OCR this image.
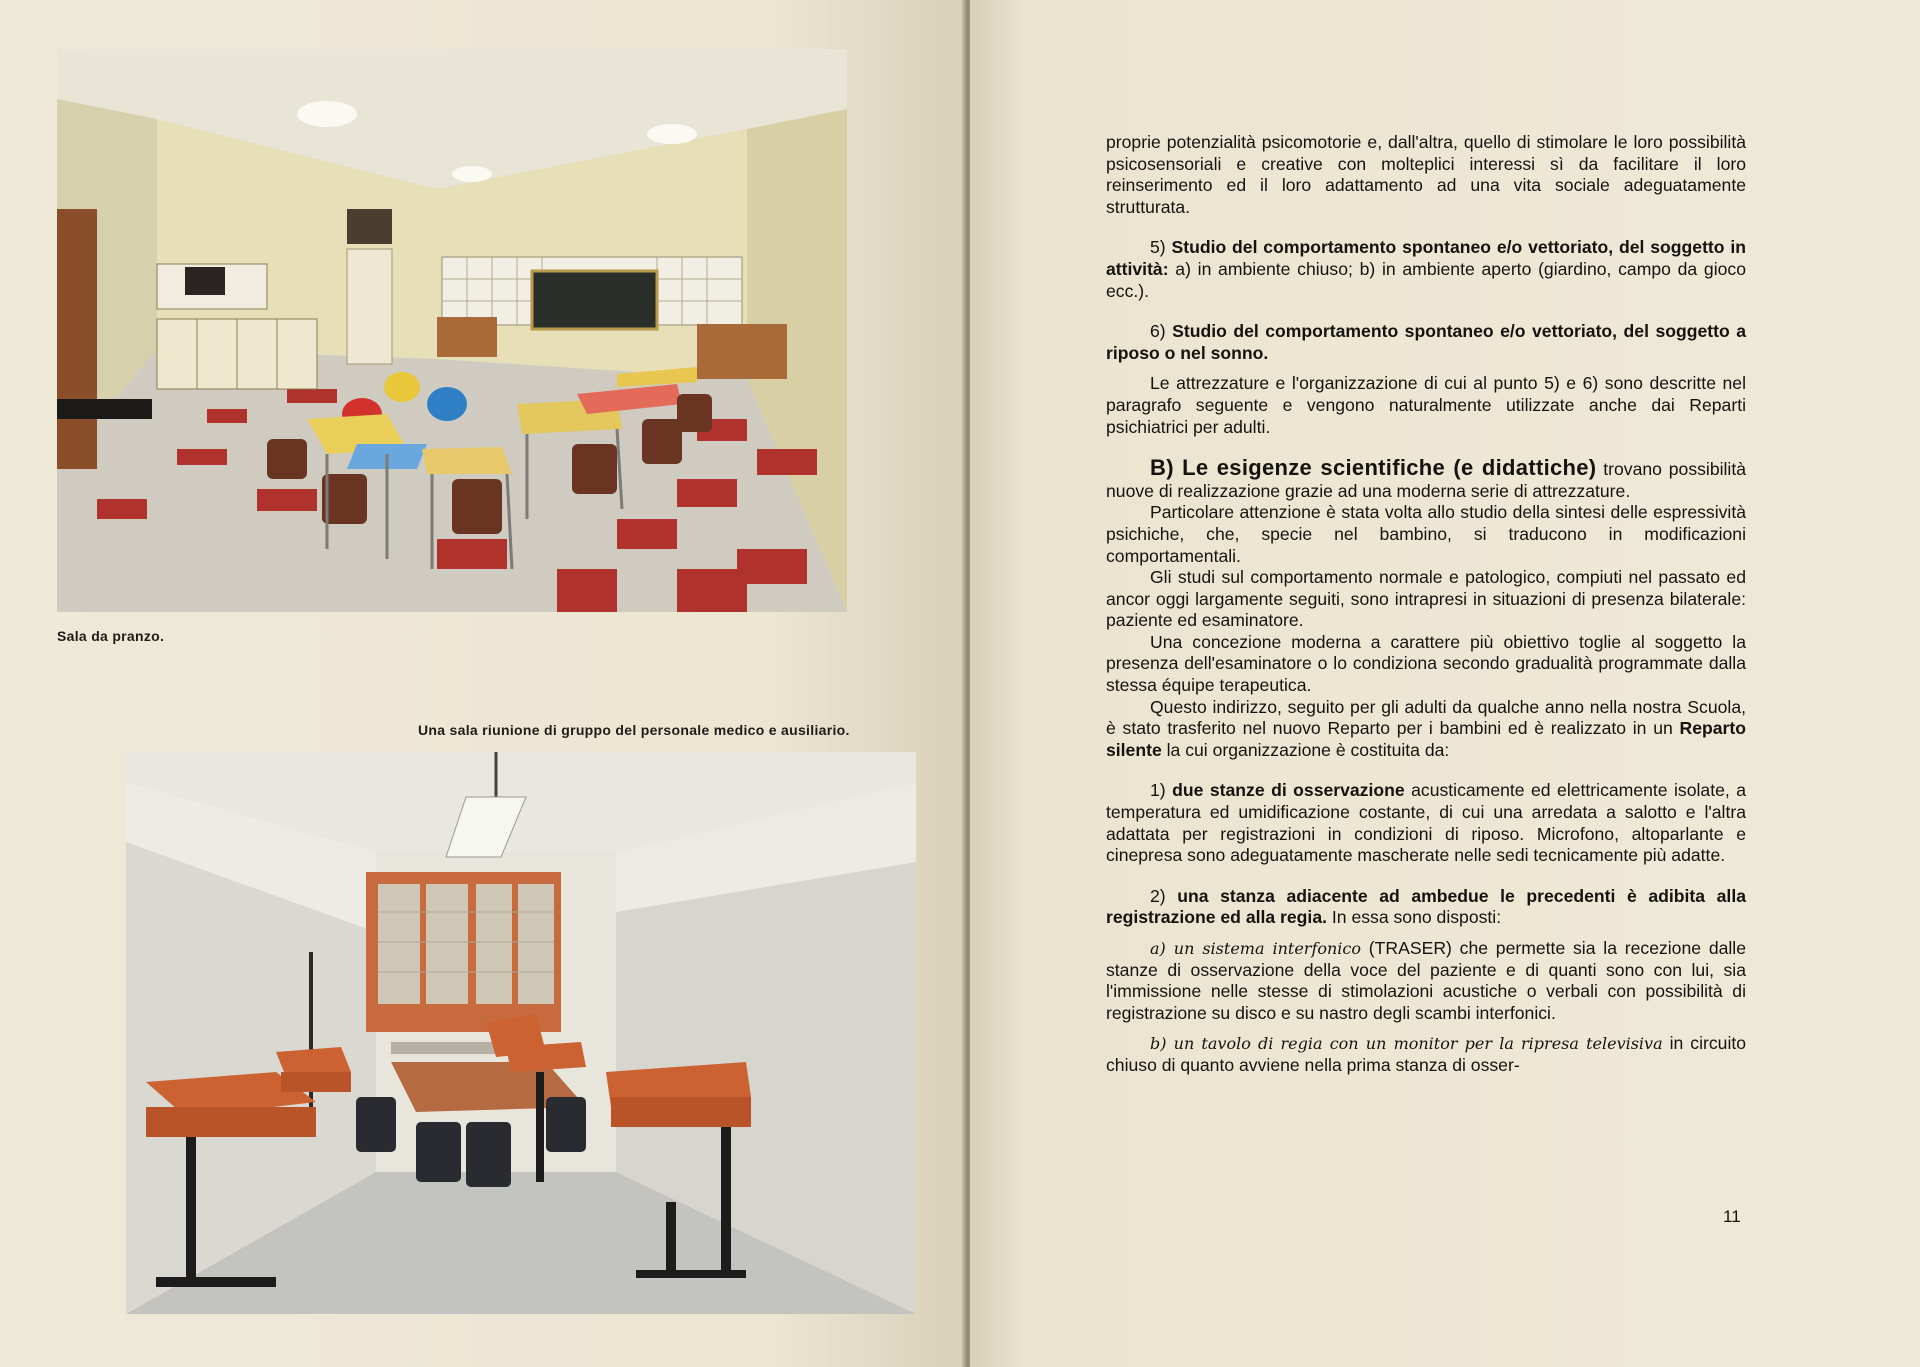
Sala da pranzo.
Una sala riunione di gruppo del personale medico e ausiliario.

proprie potenzialità psicomotorie e, dall'altra, quello di stimolare le loro possibilità psicosensoriali e creative con molteplici interessi sì da facilitare il loro reinserimento ed il loro adattamento ad una vita sociale adeguatamente strutturata.

5) Studio del comportamento spontaneo e/o vettoriato, del soggetto in attività: a) in ambiente chiuso; b) in ambiente aperto (giardino, campo da gioco ecc.).

6) Studio del comportamento spontaneo e/o vettoriato, del soggetto a riposo o nel sonno.

Le attrezzature e l'organizzazione di cui al punto 5) e 6) sono descritte nel paragrafo seguente e vengono naturalmente utilizzate anche dai Reparti psichiatrici per adulti.

B) Le esigenze scientifiche (e didattiche) trovano possibilità nuove di realizzazione grazie ad una moderna serie di attrezzature.

Particolare attenzione è stata volta allo studio della sintesi delle espressività psichiche, che, specie nel bambino, si traducono in modificazioni comportamentali.

Gli studi sul comportamento normale e patologico, compiuti nel passato ed ancor oggi largamente seguiti, sono intrapresi in situazioni di presenza bilaterale: paziente ed esaminatore.

Una concezione moderna a carattere più obiettivo toglie al soggetto la presenza dell'esaminatore o lo condiziona secondo gradualità programmate dalla stessa équipe terapeutica.

Questo indirizzo, seguito per gli adulti da qualche anno nella nostra Scuola, è stato trasferito nel nuovo Reparto per i bambini ed è realizzato in un Reparto silente la cui organizzazione è costituita da:

1) due stanze di osservazione acusticamente ed elettricamente isolate, a temperatura ed umidificazione costante, di cui una arredata a salotto e l'altra adattata per registrazioni in condizioni di riposo. Microfono, altoparlante e cinepresa sono adeguatamente mascherate nelle sedi tecnicamente più adatte.

2) una stanza adiacente ad ambedue le precedenti è adibita alla registrazione ed alla regia. In essa sono disposti:

a) un sistema interfonico (TRASER) che permette sia la recezione dalle stanze di osservazione della voce del paziente e di quanti sono con lui, sia l'immissione nelle stesse di stimolazioni acustiche o verbali con possibilità di registrazione su disco e su nastro degli scambi interfonici.

b) un tavolo di regia con un monitor per la ripresa televisiva in circuito chiuso di quanto avviene nella prima stanza di osser-

11
